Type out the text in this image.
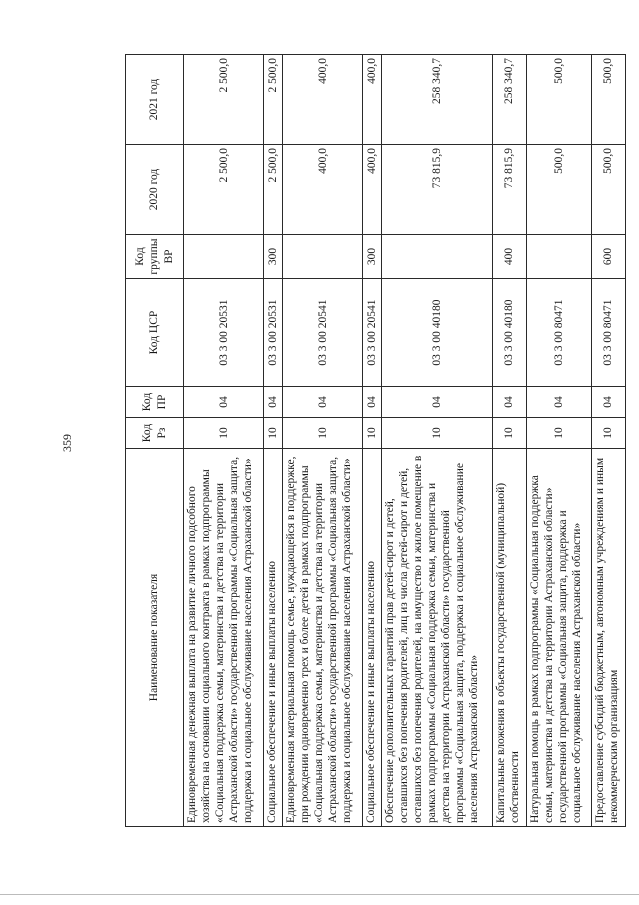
359
Наименование показателя	Код Рз	Код ПР	Код ЦСР	Код группы ВР	2020 год	2021 год
Единовременная денежная выплата на развитие личного подсобного хозяйства на основании социального контракта в рамках подпрограммы «Социальная поддержка семьи, материнства и детства на территории Астраханской области» государственной программы «Социальная защита, поддержка и социальное обслуживание населения Астраханской области»	10	04	03 3 00 20531		2 500,0	2 500,0
Социальное обеспечение и иные выплаты населению	10	04	03 3 00 20531	300	2 500,0	2 500,0
Единовременная материальная помощь семье, нуждающейся в поддержке, при рождении одновременно трех и более детей в рамках подпрограммы «Социальная поддержка семьи, материнства и детства на территории Астраханской области» государственной программы «Социальная защита, поддержка и социальное обслуживание населения Астраханской области»	10	04	03 3 00 20541		400,0	400,0
Социальное обеспечение и иные выплаты населению	10	04	03 3 00 20541	300	400,0	400,0
Обеспечение дополнительных гарантий прав детей-сирот и детей, оставшихся без попечения родителей, лиц из числа детей-сирот и детей, оставшихся без попечения родителей, на имущество и жилое помещение в рамках подпрограммы «Социальная поддержка семьи, материнства и детства на территории Астраханской области» государственной программы «Социальная защита, поддержка и социальное обслуживание населения Астраханской области»	10	04	03 3 00 40180		73 815,9	258 340,7
Капитальные вложения в объекты государственной (муниципальной) собственности	10	04	03 3 00 40180	400	73 815,9	258 340,7
Натуральная помощь в рамках подпрограммы «Социальная поддержка семьи, материнства и детства на территории Астраханской области» государственной программы «Социальная защита, поддержка и социальное обслуживание населения Астраханской области»	10	04	03 3 00 80471		500,0	500,0
Предоставление субсидий бюджетным, автономным учреждениям и иным некоммерческим организациям	10	04	03 3 00 80471	600	500,0	500,0
